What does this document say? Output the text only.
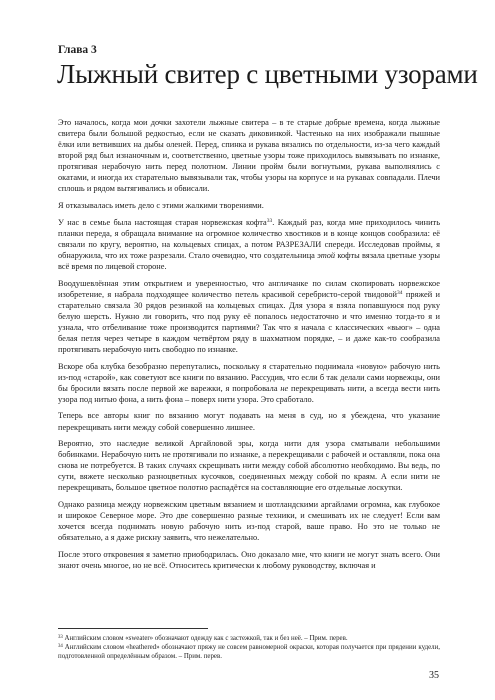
Глава 3

Лыжный свитер с цветными узорами

Это началось, когда мои дочки захотели лыжные свитера – в те старые добрые времена, когда лыжные свитера были большой редкостью, если не сказать диковинкой. Частенько на них изображали пышные ёлки или ветвивших на дыбы оленей. Перед, спинка и рукава вязались по отдельности, из-за чего каждый второй ряд был изнаночным и, соответственно, цветные узоры тоже приходилось вывязывать по изнанке, протягивая нерабочую нить перед полотном. Линии пройм были вогнутыми, рукава выполнялись с окатами, и иногда их старательно вывязывали так, чтобы узоры на корпусе и на рукавах совпадали. Плечи сплошь и рядом вытягивались и обвисали.

Я отказывалась иметь дело с этими жалкими творениями.

У нас в семье была настоящая старая норвежская кофта$^{33}$. Каждый раз, когда мне приходилось чинить планки переда, я обращала внимание на огромное количество хвостиков и в конце концов сообразила: её связали по кругу, вероятно, на кольцевых спицах, а потом РАЗРЕЗАЛИ спереди. Исследовав проймы, я обнаружила, что их тоже разрезали. Стало очевидно, что создательница этой кофты вязала цветные узоры всё время по лицевой стороне.

Воодушевлённая этим открытием и уверенностью, что англичанке по силам скопировать норвежское изобретение, я набрала подходящее количество петель красивой серебристо-серой твидовой$^{34}$ пряжей и старательно связала 30 рядов резинкой на кольцевых спицах. Для узора я взяла попавшуюся под руку белую шерсть. Нужно ли говорить, что под руку её попалось недостаточно и что именно тогда-то я и узнала, что отбеливание тоже производится партиями? Так что я начала с классических «вьюг» – одна белая петля через четыре в каждом четвёртом ряду в шахматном порядке, – и даже как-то сообразила протягивать нерабочую нить свободно по изнанке.

Вскоре оба клубка безобразно перепутались, поскольку я старательно поднимала «новую» рабочую нить из-под «старой», как советуют все книги по вязанию. Рассудив, что если б так делали сами норвежцы, они бы бросили вязать после первой же варежки, я попробовала не перекрещивать нити, а всегда вести нить узора под нитью фона, а нить фона – поверх нити узора. Это сработало.

Теперь все авторы книг по вязанию могут подавать на меня в суд, но я убеждена, что указание перекрещивать нити между собой совершенно лишнее.

Вероятно, это наследие великой Аргайловой эры, когда нити для узора сматывали небольшими бобинками. Нерабочую нить не протягивали по изнанке, а перекрещивали с рабочей и оставляли, пока она снова не потребуется. В таких случаях скрещивать нити между собой абсолютно необходимо. Вы ведь, по сути, вяжете несколько разноцветных кусочков, соединенных между собой по краям. А если нити не перекрещивать, большое цветное полотно распадётся на составляющие его отдельные лоскутки.

Однако разница между норвежским цветным вязанием и шотландскими аргайлами огромна, как глубокое и широкое Северное море. Это две совершенно разные техники, и смешивать их не следует! Если вам хочется всегда поднимать новую рабочую нить из-под старой, ваше право. Но это не только не обязательно, а я даже рискну заявить, что нежелательно.

После этого откровения я заметно приободрилась. Оно доказало мне, что книги не могут знать всего. Они знают очень многое, но не всё. Относитесь критически к любому руководству, включая и

$^{33}$ Английским словом «sweater» обозначают одежду как с застежкой, так и без неё. – Прим. перев.

$^{34}$ Английским словом «heathered» обозначают пряжу не совсем равномерной окраски, которая получается при прядении кудели, подготовленной определённым образом. – Прим. перев.

35
